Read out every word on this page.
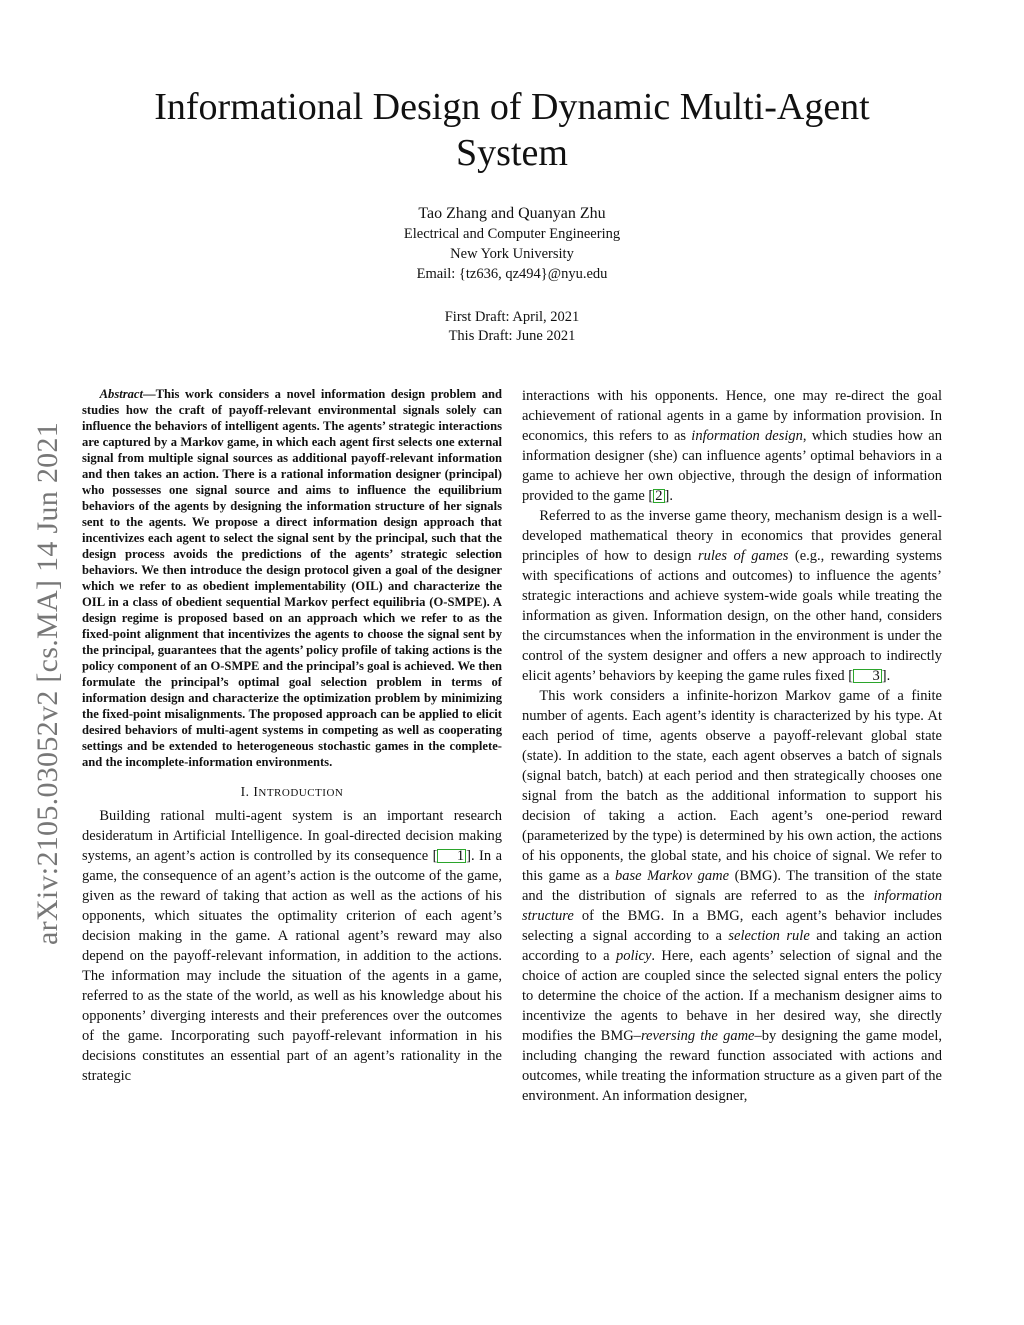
Informational Design of Dynamic Multi-Agent System
Tao Zhang and Quanyan Zhu
Electrical and Computer Engineering
New York University
Email: {tz636, qz494}@nyu.edu
First Draft: April, 2021
This Draft: June 2021
arXiv:2105.03052v2 [cs.MA] 14 Jun 2021

Abstract—This work considers a novel information design problem and studies how the craft of payoff-relevant environmental signals solely can influence the behaviors of intelligent agents. The agents’ strategic interactions are captured by a Markov game, in which each agent first selects one external signal from multiple signal sources as additional payoff-relevant information and then takes an action. There is a rational information designer (principal) who possesses one signal source and aims to influence the equilibrium behaviors of the agents by designing the information structure of her signals sent to the agents. We propose a direct information design approach that incentivizes each agent to select the signal sent by the principal, such that the design process avoids the predictions of the agents’ strategic selection behaviors. We then introduce the design protocol given a goal of the designer which we refer to as obedient implementability (OIL) and characterize the OIL in a class of obedient sequential Markov perfect equilibria (O-SMPE). A design regime is proposed based on an approach which we refer to as the fixed-point alignment that incentivizes the agents to choose the signal sent by the principal, guarantees that the agents’ policy profile of taking actions is the policy component of an O-SMPE and the principal’s goal is achieved. We then formulate the principal’s optimal goal selection problem in terms of information design and characterize the optimization problem by minimizing the fixed-point misalignments. The proposed approach can be applied to elicit desired behaviors of multi-agent systems in competing as well as cooperating settings and be extended to heterogeneous stochastic games in the complete- and the incomplete-information environments.

I. INTRODUCTION

Building rational multi-agent system is an important research desideratum in Artificial Intelligence. In goal-directed decision making systems, an agent’s action is controlled by its consequence [ 1 ]. In a game, the consequence of an agent’s action is the outcome of the game, given as the reward of taking that action as well as the actions of his opponents, which situates the optimality criterion of each agent’s decision making in the game. A rational agent’s reward may also depend on the payoff-relevant information, in addition to the actions. The information may include the situation of the agents in a game, referred to as the state of the world, as well as his knowledge about his opponents’ diverging interests and their preferences over the outcomes of the game. Incorporating such payoff-relevant information in his decisions constitutes an essential part of an agent’s rationality in the strategic

interactions with his opponents. Hence, one may re-direct the goal achievement of rational agents in a game by information provision. In economics, this refers to as information design, which studies how an information designer (she) can influence agents’ optimal behaviors in a game to achieve her own objective, through the design of information provided to the game [ 2 ].

Referred to as the inverse game theory, mechanism design is a well-developed mathematical theory in economics that provides general principles of how to design rules of games (e.g., rewarding systems with specifications of actions and outcomes) to influence the agents’ strategic interactions and achieve system-wide goals while treating the information as given. Information design, on the other hand, considers the circumstances when the information in the environment is under the control of the system designer and offers a new approach to indirectly elicit agents’ behaviors by keeping the game rules fixed [ 3 ].

This work considers a infinite-horizon Markov game of a finite number of agents. Each agent’s identity is characterized by his type. At each period of time, agents observe a payoff-relevant global state (state). In addition to the state, each agent observes a batch of signals (signal batch, batch) at each period and then strategically chooses one signal from the batch as the additional information to support his decision of taking a action. Each agent’s one-period reward (parameterized by the type) is determined by his own action, the actions of his opponents, the global state, and his choice of signal. We refer to this game as a base Markov game (BMG). The transition of the state and the distribution of signals are referred to as the information structure of the BMG. In a BMG, each agent’s behavior includes selecting a signal according to a selection rule and taking an action according to a policy. Here, each agents’ selection of signal and the choice of action are coupled since the selected signal enters the policy to determine the choice of the action. If a mechanism designer aims to incentivize the agents to behave in her desired way, she directly modifies the BMG–reversing the game–by designing the game model, including changing the reward function associated with actions and outcomes, while treating the information structure as a given part of the environment. An information designer,
